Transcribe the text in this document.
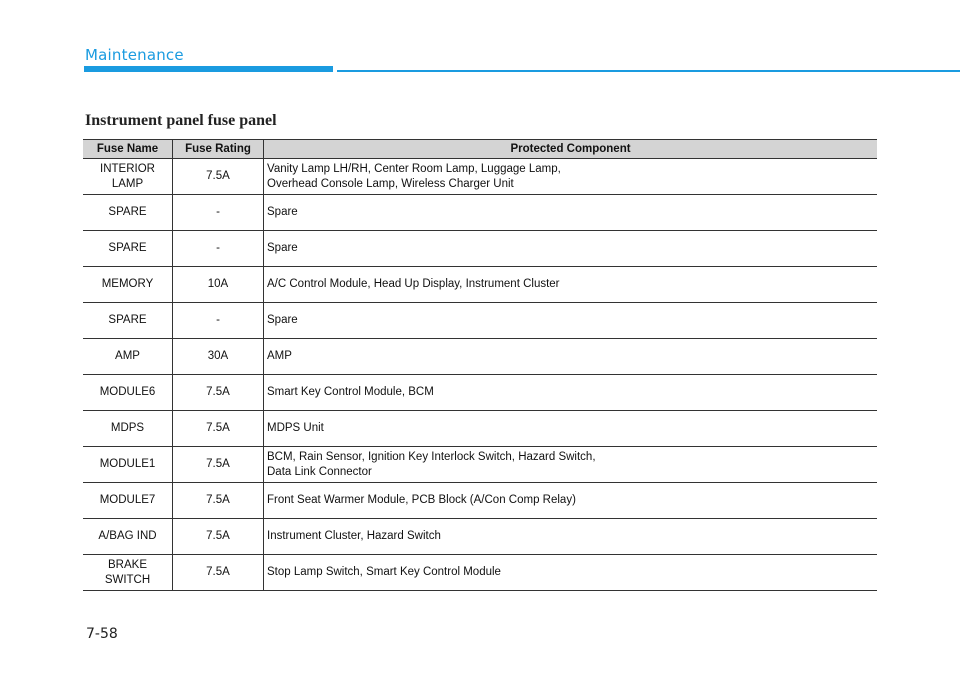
Maintenance
Instrument panel fuse panel
Fuse Name	Fuse Rating	Protected Component

INTERIOR
LAMP	7.5A	Vanity Lamp LH/RH, Center Room Lamp, Luggage Lamp,
Overhead Console Lamp, Wireless Charger Unit

SPARE	-	Spare

SPARE	-	Spare

MEMORY	10A	A/C Control Module, Head Up Display, Instrument Cluster

SPARE	-	Spare

AMP	30A	AMP

MODULE6	7.5A	Smart Key Control Module, BCM

MDPS	7.5A	MDPS Unit

MODULE1	7.5A	BCM, Rain Sensor, Ignition Key Interlock Switch, Hazard Switch,
Data Link Connector

MODULE7	7.5A	Front Seat Warmer Module, PCB Block (A/Con Comp Relay)

A/BAG IND	7.5A	Instrument Cluster, Hazard Switch

BRAKE
SWITCH	7.5A	Stop Lamp Switch, Smart Key Control Module
7-58
